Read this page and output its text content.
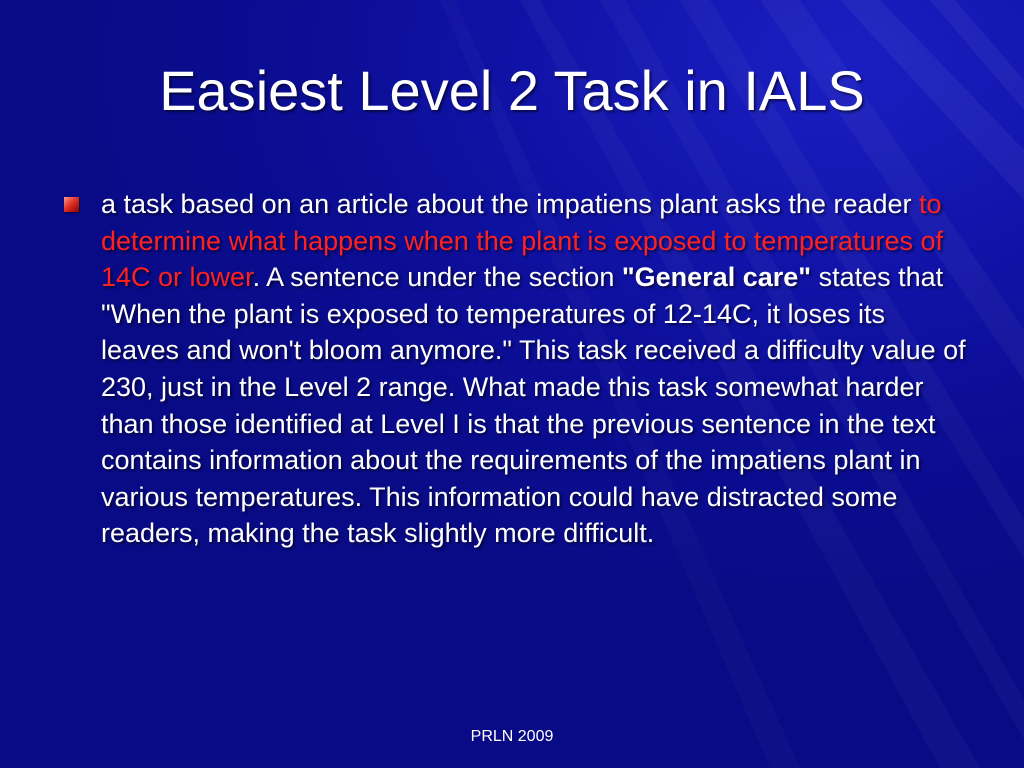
Easiest Level 2 Task in IALS
a task based on an article about the impatiens plant asks the reader to determine what happens when the plant is exposed to temperatures of 14C or lower. A sentence under the section "General care" states that "When the plant is exposed to temperatures of 12-14C, it loses its leaves and won't bloom anymore." This task received a difficulty value of 230, just in the Level 2 range. What made this task somewhat harder than those identified at Level I is that the previous sentence in the text contains information about the requirements of the impatiens plant in various temperatures. This information could have distracted some readers, making the task slightly more difficult.
PRLN 2009
